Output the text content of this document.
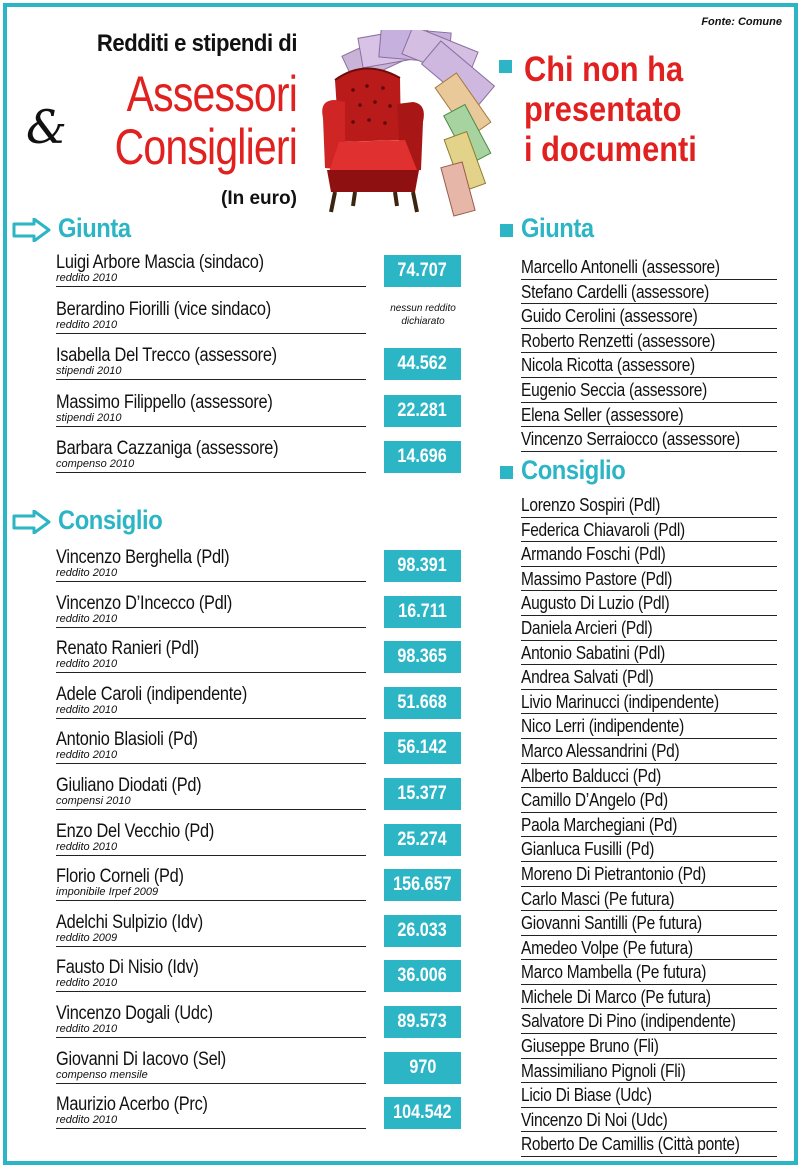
Fonte: Comune
Redditi e stipendi di
&
Assessori
Consiglieri
(In euro)
Chi non ha
presentato
i documenti
Giunta
Luigi Arbore Mascia (sindaco)
reddito 2010	74.707
Berardino Fiorilli (vice sindaco)
reddito 2010
nessun reddito dichiarato
Isabella Del Trecco (assessore)
stipendi 2010	44.562
Massimo Filippello (assessore)
stipendi 2010	22.281
Barbara Cazzaniga (assessore)
compenso 2010	14.696
Consiglio
Vincenzo Berghella (Pdl)
reddito 2010	98.391
Vincenzo D’Incecco (Pdl)
reddito 2010	16.711
Renato Ranieri (Pdl)
reddito 2010	98.365
Adele Caroli (indipendente)
reddito 2010	51.668
Antonio Blasioli (Pd)
reddito 2010	56.142
Giuliano Diodati (Pd)
compensi 2010	15.377
Enzo Del Vecchio (Pd)
reddito 2010	25.274
Florio Corneli (Pd)
imponibile Irpef 2009	156.657
Adelchi Sulpizio (Idv)
reddito 2009	26.033
Fausto Di Nisio (Idv)
reddito 2010	36.006
Vincenzo Dogali (Udc)
reddito 2010	89.573
Giovanni Di Iacovo (Sel)
compenso mensile	970
Maurizio Acerbo (Prc)
reddito 2010	104.542
Giunta
Marcello Antonelli (assessore)
Stefano Cardelli (assessore)
Guido Cerolini (assessore)
Roberto Renzetti (assessore)
Nicola Ricotta (assessore)
Eugenio Seccia (assessore)
Elena Seller (assessore)
Vincenzo Serraiocco (assessore)
Consiglio
Lorenzo Sospiri (Pdl)
Federica Chiavaroli (Pdl)
Armando Foschi (Pdl)
Massimo Pastore (Pdl)
Augusto Di Luzio (Pdl)
Daniela Arcieri (Pdl)
Antonio Sabatini (Pdl)
Andrea Salvati (Pdl)
Livio Marinucci (indipendente)
Nico Lerri (indipendente)
Marco Alessandrini (Pd)
Alberto Balducci (Pd)
Camillo D’Angelo (Pd)
Paola Marchegiani (Pd)
Gianluca Fusilli (Pd)
Moreno Di Pietrantonio (Pd)
Carlo Masci (Pe futura)
Giovanni Santilli (Pe futura)
Amedeo Volpe (Pe futura)
Marco Mambella (Pe futura)
Michele Di Marco (Pe futura)
Salvatore Di Pino (indipendente)
Giuseppe Bruno (Fli)
Massimiliano Pignoli (Fli)
Licio Di Biase (Udc)
Vincenzo Di Noi (Udc)
Roberto De Camillis (Città ponte)
